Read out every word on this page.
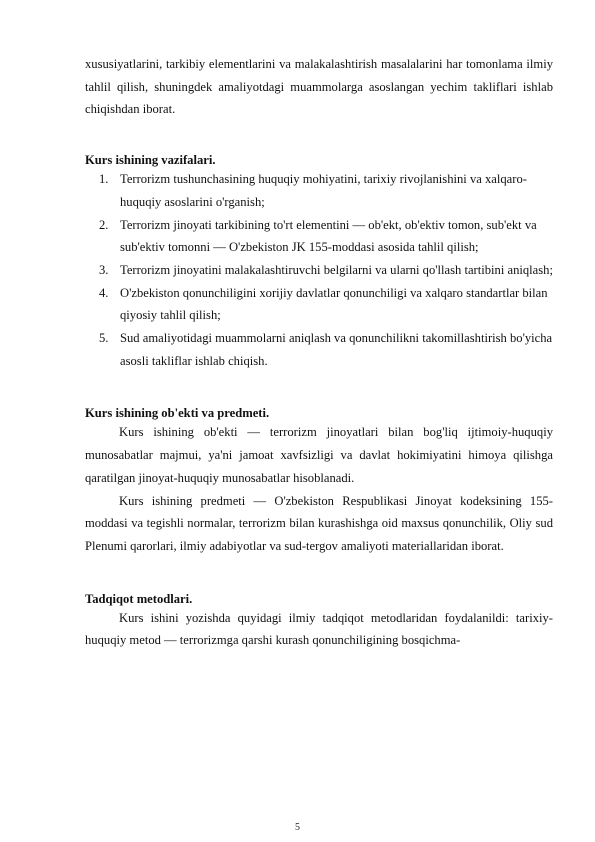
xususiyatlarini, tarkibiy elementlarini va malakalashtirish masalalarini har tomonlama ilmiy tahlil qilish, shuningdek amaliyotdagi muammolarga asoslangan yechim takliflari ishlab chiqishdan iborat.

Kurs ishining vazifalari.

1. Terrorizm tushunchasining huquqiy mohiyatini, tarixiy rivojlanishini va xalqaro-huquqiy asoslarini o'rganish;
2. Terrorizm jinoyati tarkibining to'rt elementini — ob'ekt, ob'ektiv tomon, sub'ekt va sub'ektiv tomonni — O'zbekiston JK 155-moddasi asosida tahlil qilish;
3. Terrorizm jinoyatini malakalashtiruvchi belgilarni va ularni qo'llash tartibini aniqlash;
4. O'zbekiston qonunchiligini xorijiy davlatlar qonunchiligi va xalqaro standartlar bilan qiyosiy tahlil qilish;
5. Sud amaliyotidagi muammolarni aniqlash va qonunchilikni takomillashtirish bo'yicha asosli takliflar ishlab chiqish.

Kurs ishining ob'ekti va predmeti.

Kurs ishining ob'ekti — terrorizm jinoyatlari bilan bog'liq ijtimoiy-huquqiy munosabatlar majmui, ya'ni jamoat xavfsizligi va davlat hokimiyatini himoya qilishga qaratilgan jinoyat-huquqiy munosabatlar hisoblanadi.

Kurs ishining predmeti — O'zbekiston Respublikasi Jinoyat kodeksining 155-moddasi va tegishli normalar, terrorizm bilan kurashishga oid maxsus qonunchilik, Oliy sud Plenumi qarorlari, ilmiy adabiyotlar va sud-tergov amaliyoti materiallaridan iborat.

Tadqiqot metodlari.

Kurs ishini yozishda quyidagi ilmiy tadqiqot metodlaridan foydalanildi: tarixiy-huquqiy metod — terrorizmga qarshi kurash qonunchiligining bosqichma-

5
